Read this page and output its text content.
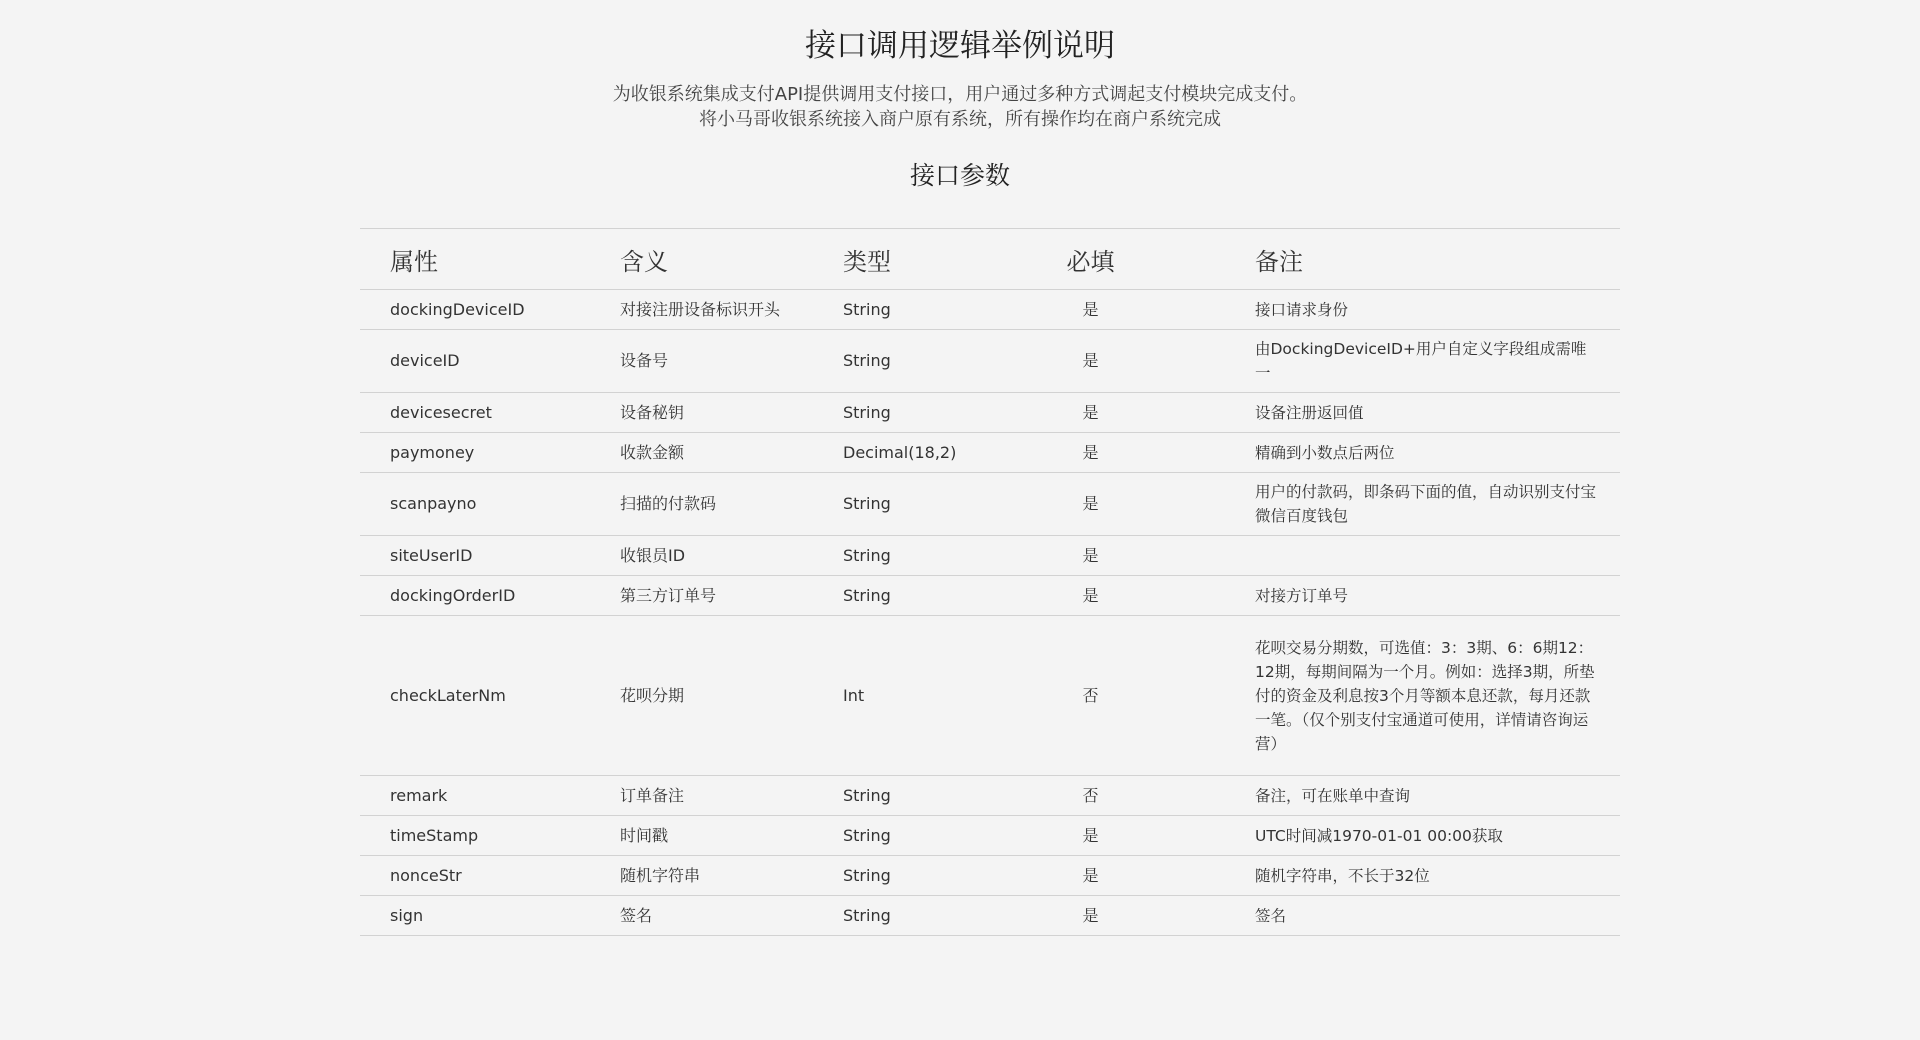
接口调用逻辑举例说明
为收银系统集成支付API提供调用支付接口，用户通过多种方式调起支付模块完成支付。
将小马哥收银系统接入商户原有系统，所有操作均在商户系统完成
接口参数
属性	含义	类型	必填	备注
dockingDeviceID	对接注册设备标识开头	String	是	接口请求身份
deviceID	设备号	String	是	由DockingDeviceID+用户自定义字段组成需唯一
devicesecret	设备秘钥	String	是	设备注册返回值
paymoney	收款金额	Decimal(18,2)	是	精确到小数点后两位
scanpayno	扫描的付款码	String	是	用户的付款码，即条码下面的值，自动识别支付宝微信百度钱包
siteUserID	收银员ID	String	是	
dockingOrderID	第三方订单号	String	是	对接方订单号
checkLaterNm	花呗分期	Int	否	花呗交易分期数，可选值：3：3期、6：6期12：12期，每期间隔为一个月。例如：选择3期，所垫付的资金及利息按3个月等额本息还款，每月还款一笔。（仅个别支付宝通道可使用，详情请咨询运营）
remark	订单备注	String	否	备注，可在账单中查询
timeStamp	时间戳	String	是	UTC时间减1970-01-01 00:00获取
nonceStr	随机字符串	String	是	随机字符串，不长于32位
sign	签名	String	是	签名
